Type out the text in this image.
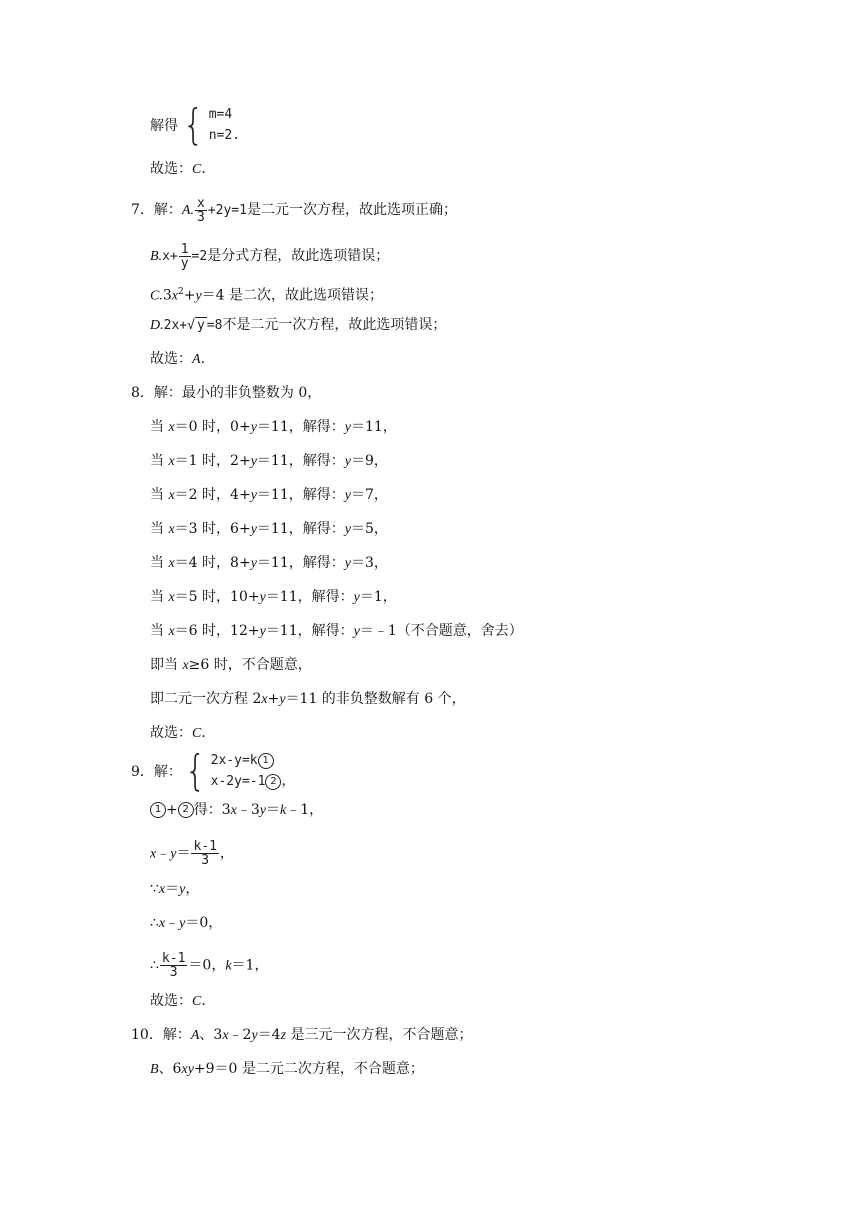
解得 { m=4
n=2.
故选：C.
7．解：A. $\frac{x}{3} +2y=1$是二元一次方程，故此选项正确；
$B.x+ \frac{1}{y} =2$是分式方程，故此选项错误；
$C.3x^2+y=4$ 是二次，故此选项错误；
D.2x+√ y =8不是二元一次方程，故此选项错误；
故选：A.
8．解：最小的非负整数为 0，
当 x＝0 时，0+y＝11，解得：y＝11，
当 x＝1 时，2+y＝11，解得：y＝9，
当 x＝2 时，4+y＝11，解得：y＝7，
当 x＝3 时，6+y＝11，解得：y＝5，
当 x＝4 时，8+y＝11，解得：y＝3，
当 x＝5 时，10+y＝11，解得：y＝1，
当 x＝6 时，12+y＝11，解得：y＝﹣1（不合题意，舍去）
即当 x≥6 时，不合题意，
即二元一次方程 2x+y＝11 的非负整数解有 6 个，
故选：C.
9． 解： { 2x-y=k 1
x-2y=-1 2 ，
1 + 2 得：3x﹣3y＝k﹣1，
x﹣y＝ $\frac{k-1}{3}$ ，
∵x＝y，
∴x﹣y＝0，
∴ $\frac{k-1}{3} =0$，k＝1，
故选：C.
10．解：A、3x﹣2y＝4z 是三元一次方程，不合题意；
B、6xy+9＝0 是二元二次方程，不合题意；
